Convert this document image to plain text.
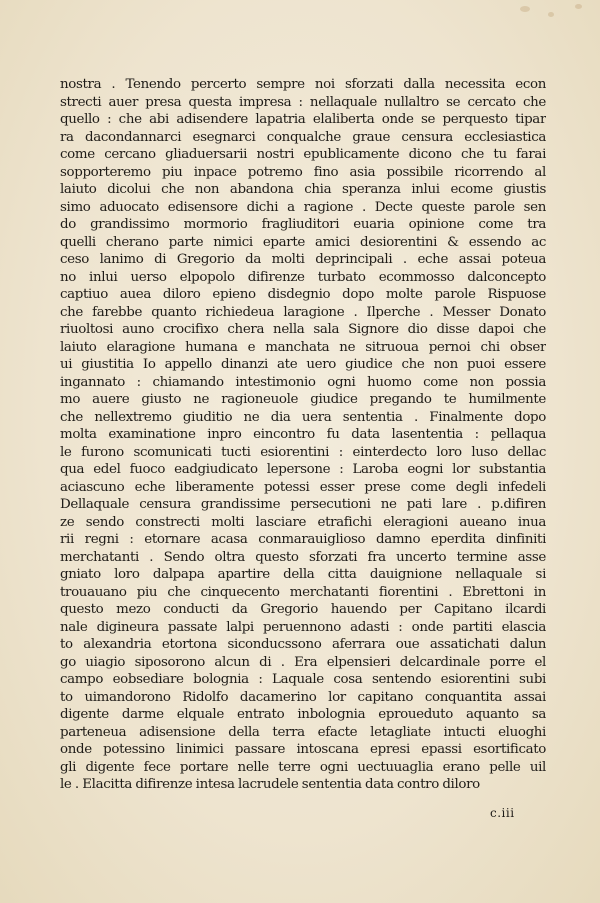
nostra . Tenendo percerto sempre noi sforzati dalla necessita econ
strecti auer presa questa impresa : nellaquale nullaltro se cercato che
quello : che abi adisendere lapatria elaliberta onde se perquesto tipar
ra dacondannarci esegnarci conqualche graue censura ecclesiastica
come cercano gliaduersarii nostri epublicamente dicono che tu farai
sopporteremo piu inpace potremo fino asia possibile ricorrendo al
laiuto dicolui che non abandona chia speranza inlui ecome giustis
simo aduocato edisensore dichi a ragione . Decte queste parole sen
do grandissimo mormorio fragliuditori euaria opinione come tra
quelli cherano parte nimici eparte amici desiorentini & essendo ac
ceso lanimo di Gregorio da molti deprincipali . eche assai poteua
no inlui uerso elpopolo difirenze turbato ecommosso dalconcepto
captiuo auea diloro epieno disdegnio dopo molte parole Rispuose
che farebbe quanto richiedeua laragione . Ilperche . Messer Donato
riuoltosi auno crocifixo chera nella sala Signore dio disse dapoi che
laiuto elaragione humana e manchata ne sitruoua pernoi chi obser
ui giustitia Io appello dinanzi ate uero giudice che non puoi essere
ingannato : chiamando intestimonio ogni huomo come non possia
mo auere giusto ne ragioneuole giudice pregando te humilmente
che nellextremo giuditio ne dia uera sententia . Finalmente dopo
molta examinatione inpro eincontro fu data lasententia : pellaqua
le furono scomunicati tucti esiorentini : einterdecto loro luso dellac
qua edel fuoco eadgiudicato lepersone : Laroba eogni lor substantia
aciascuno eche liberamente potessi esser prese come degli infedeli
Dellaquale censura grandissime persecutioni ne pati lare . p.difiren
ze sendo constrecti molti lasciare etrafichi eleragioni aueano inua
rii regni : etornare acasa conmarauiglioso damno eperdita dinfiniti
merchatanti . Sendo oltra questo sforzati fra uncerto termine asse
gniato loro dalpapa apartire della citta dauignione nellaquale si
trouauano piu che cinquecento merchatanti fiorentini . Ebrettoni in
questo mezo conducti da Gregorio hauendo per Capitano ilcardi
nale digineura passate lalpi peruennono adasti : onde partiti elascia
to alexandria etortona siconducssono aferrara oue assatichati dalun
go uiagio siposorono alcun di . Era elpensieri delcardinale porre el
campo eobsediare bolognia : Laquale cosa sentendo esiorentini subi
to uimandorono Ridolfo dacamerino lor capitano conquantita assai
digente darme elquale entrato inbolognia eproueduto aquanto sa
parteneua adisensione della terra efacte letagliate intucti eluoghi
onde potessino linimici passare intoscana epresi epassi esortificato
gli digente fece portare nelle terre ogni uectuuaglia erano pelle uil
le . Elacitta difirenze intesa lacrudele sententia data contro diloro
c.iii
